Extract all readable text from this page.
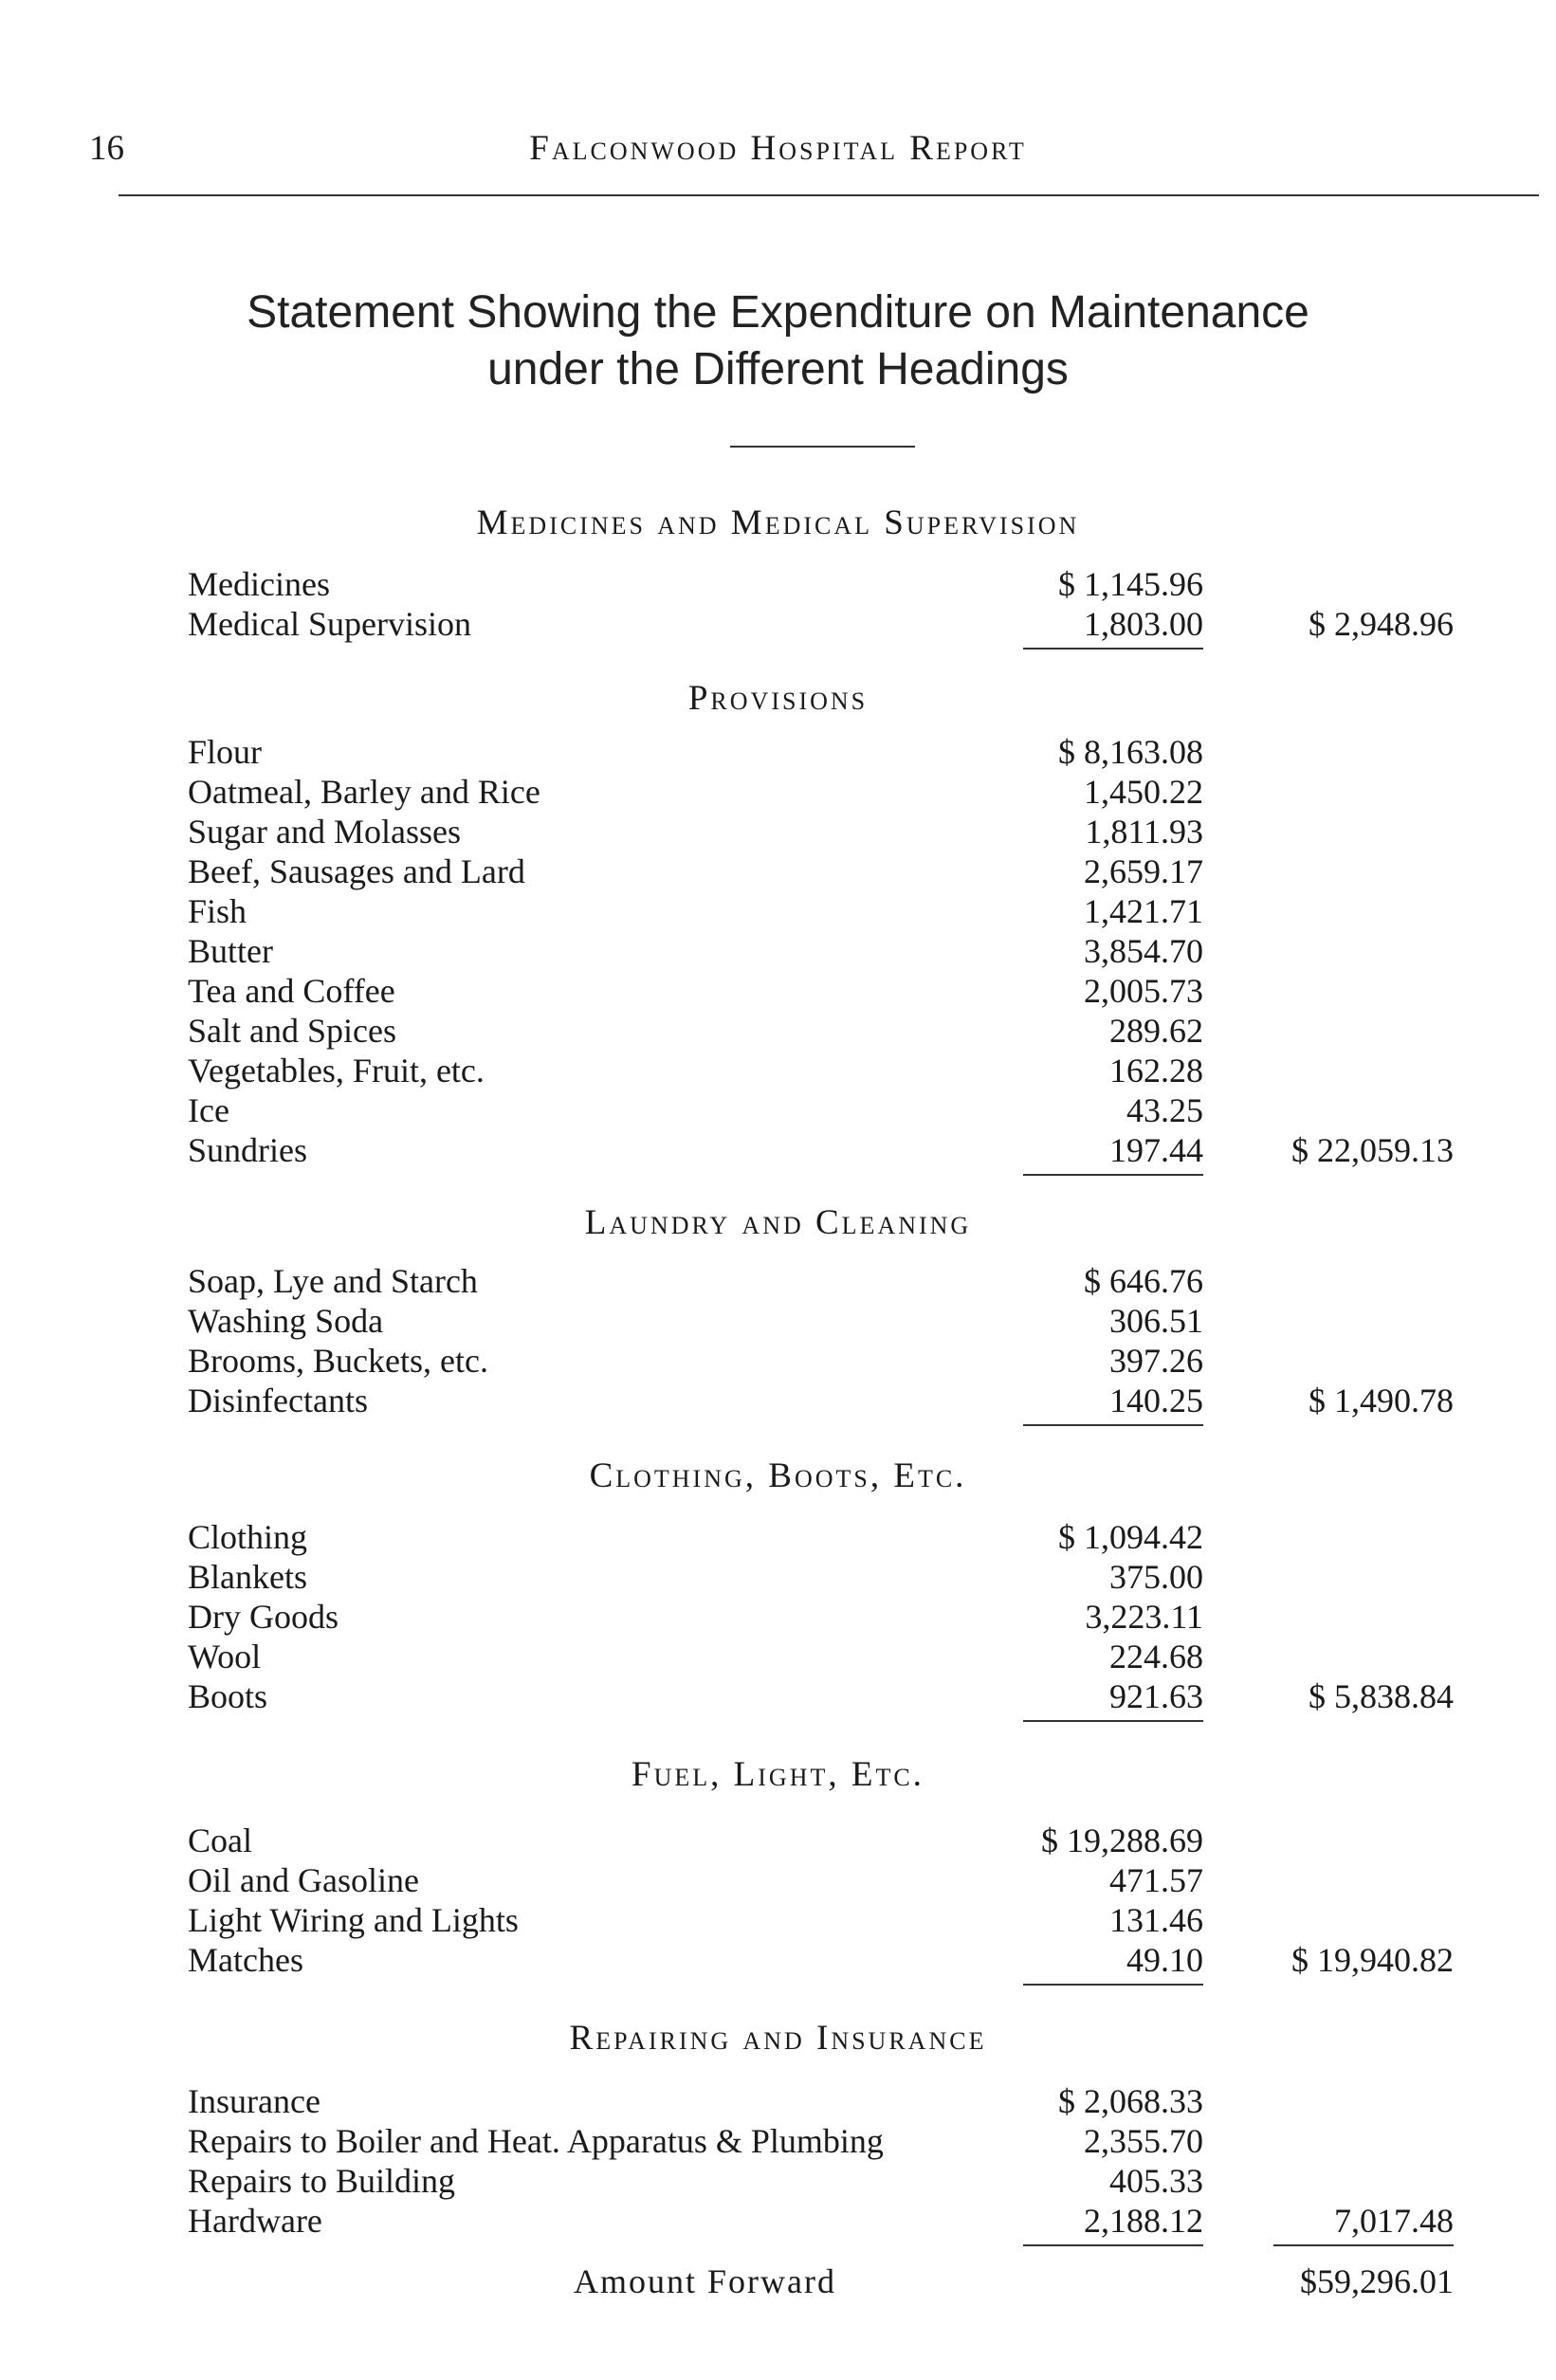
16	Falconwood Hospital Report
Statement Showing the Expenditure on Maintenance
under the Different Headings
Medicines and Medical Supervision
Medicines	$ 1,145.96
Medical Supervision	1,803.00	$ 2,948.96
Provisions
Flour	$ 8,163.08
Oatmeal, Barley and Rice	1,450.22
Sugar and Molasses	1,811.93
Beef, Sausages and Lard	2,659.17
Fish	1,421.71
Butter	3,854.70
Tea and Coffee	2,005.73
Salt and Spices	289.62
Vegetables, Fruit, etc.	162.28
Ice	43.25
Sundries	197.44	$ 22,059.13
Laundry and Cleaning
Soap, Lye and Starch	$ 646.76
Washing Soda	306.51
Brooms, Buckets, etc.	397.26
Disinfectants	140.25	$ 1,490.78
Clothing, Boots, Etc.
Clothing	$ 1,094.42
Blankets	375.00
Dry Goods	3,223.11
Wool	224.68
Boots	921.63	$ 5,838.84
Fuel, Light, Etc.
Coal	$ 19,288.69
Oil and Gasoline	471.57
Light Wiring and Lights	131.46
Matches	49.10	$ 19,940.82
Repairing and Insurance
Insurance	$ 2,068.33
Repairs to Boiler and Heat. Apparatus & Plumbing	2,355.70
Repairs to Building	405.33
Hardware	2,188.12	7,017.48
Amount Forward	$59,296.01
